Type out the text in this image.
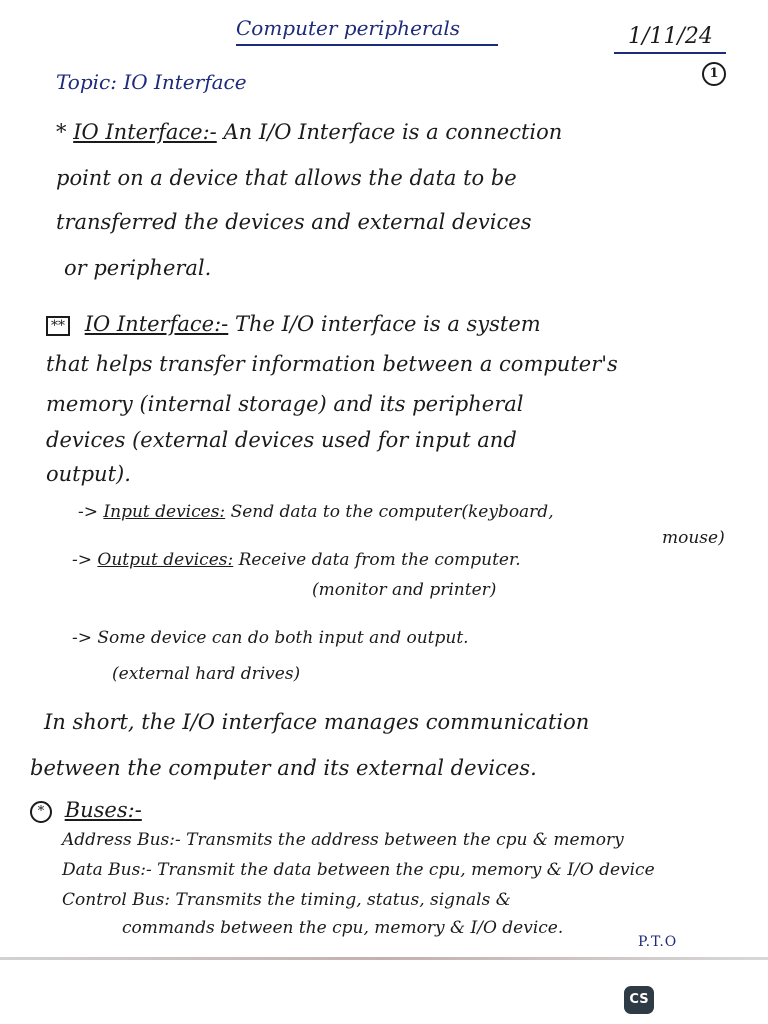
Computer peripherals	1/11/24
1
Topic: IO Interface
* IO Interface:- An I/O Interface is a connection
point on a device that allows the data to be
transferred the devices and external devices
or peripheral.
** IO Interface:- The I/O interface is a system
that helps transfer information between a computer's
memory (internal storage) and its peripheral
devices (external devices used for input and
output).
-> Input devices: Send data to the computer(keyboard,
mouse)
-> Output devices: Receive data from the computer.
(monitor and printer)
-> Some device can do both input and output.
(external hard drives)
In short, the I/O interface manages communication
between the computer and its external devices.
* Buses:-
Address Bus:- Transmits the address between the cpu & memory
Data Bus:- Transmit the data between the cpu, memory & I/O device
Control Bus: Transmits the timing, status, signals &
commands between the cpu, memory & I/O device.
P.T.O
CS
